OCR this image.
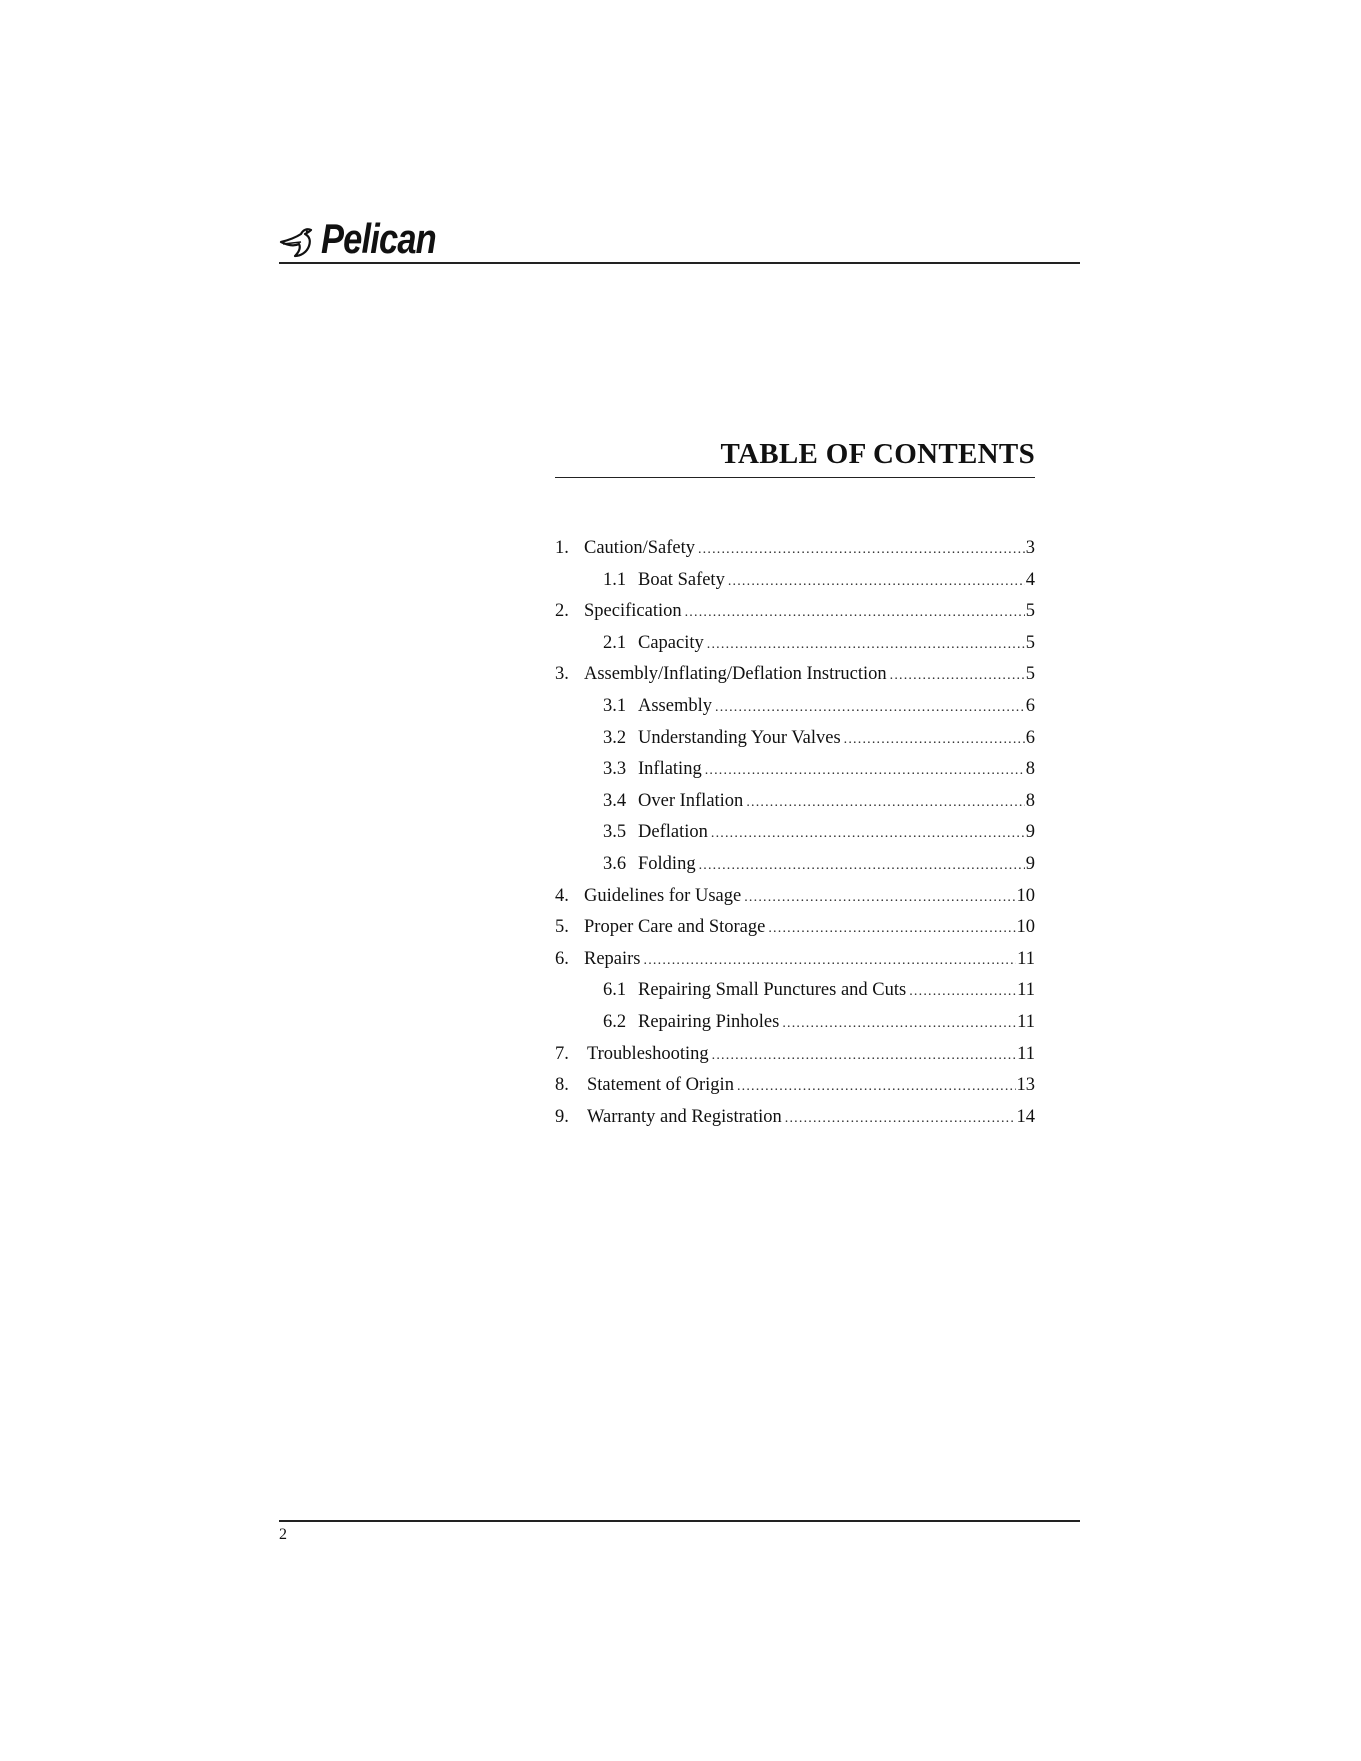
Pelican
TABLE OF CONTENTS
1. Caution/Safety .....	3
1.1 Boat Safety .....	4
2. Specification .....	5
2.1 Capacity .....	5
3. Assembly/Inflating/Deflation Instruction .....	5
3.1 Assembly .....	6
3.2 Understanding Your Valves .....	6
3.3 Inflating .....	8
3.4 Over Inflation .....	8
3.5 Deflation .....	9
3.6 Folding .....	9
4. Guidelines for Usage .....	10
5. Proper Care and Storage .....	10
6. Repairs .....	11
6.1 Repairing Small Punctures and Cuts .....	11
6.2 Repairing Pinholes .....	11
7. Troubleshooting .....	11
8. Statement of Origin .....	13
9. Warranty and Registration .....	14
2
